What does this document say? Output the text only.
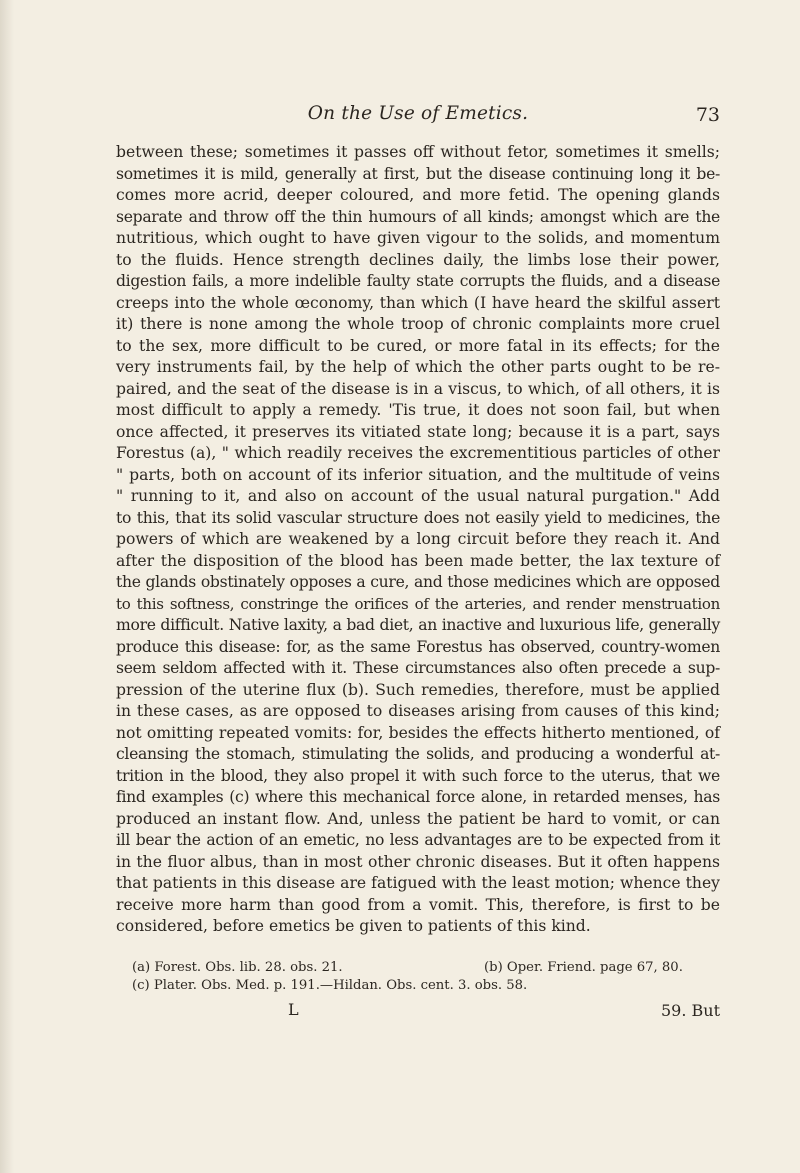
On the Use of Emetics.	73
between these; sometimes it passes off without fetor, sometimes it smells;
sometimes it is mild, generally at first, but the disease continuing long it be-
comes more acrid, deeper coloured, and more fetid. The opening glands
separate and throw off the thin humours of all kinds; amongst which are the
nutritious, which ought to have given vigour to the solids, and momentum
to the fluids. Hence strength declines daily, the limbs lose their power,
digestion fails, a more indelible faulty state corrupts the fluids, and a disease
creeps into the whole œconomy, than which (I have heard the skilful assert
it) there is none among the whole troop of chronic complaints more cruel
to the sex, more difficult to be cured, or more fatal in its effects; for the
very instruments fail, by the help of which the other parts ought to be re-
paired, and the seat of the disease is in a viscus, to which, of all others, it is
most difficult to apply a remedy. 'Tis true, it does not soon fail, but when
once affected, it preserves its vitiated state long; because it is a part, says
Forestus (a), " which readily receives the excrementitious particles of other
" parts, both on account of its inferior situation, and the multitude of veins
" running to it, and also on account of the usual natural purgation." Add
to this, that its solid vascular structure does not easily yield to medicines, the
powers of which are weakened by a long circuit before they reach it. And
after the disposition of the blood has been made better, the lax texture of
the glands obstinately opposes a cure, and those medicines which are opposed
to this softness, constringe the orifices of the arteries, and render menstruation
more difficult. Native laxity, a bad diet, an inactive and luxurious life, generally
produce this disease: for, as the same Forestus has observed, country-women
seem seldom affected with it. These circumstances also often precede a sup-
pression of the uterine flux (b). Such remedies, therefore, must be applied
in these cases, as are opposed to diseases arising from causes of this kind;
not omitting repeated vomits: for, besides the effects hitherto mentioned, of
cleansing the stomach, stimulating the solids, and producing a wonderful at-
trition in the blood, they also propel it with such force to the uterus, that we
find examples (c) where this mechanical force alone, in retarded menses, has
produced an instant flow. And, unless the patient be hard to vomit, or can
ill bear the action of an emetic, no less advantages are to be expected from it
in the fluor albus, than in most other chronic diseases. But it often happens
that patients in this disease are fatigued with the least motion; whence they
receive more harm than good from a vomit. This, therefore, is first to be
considered, before emetics be given to patients of this kind.
(a) Forest. Obs. lib. 28. obs. 21.	(b) Oper. Friend. page 67, 80.
(c) Plater. Obs. Med. p. 191.—Hildan. Obs. cent. 3. obs. 58.
L	59. But
